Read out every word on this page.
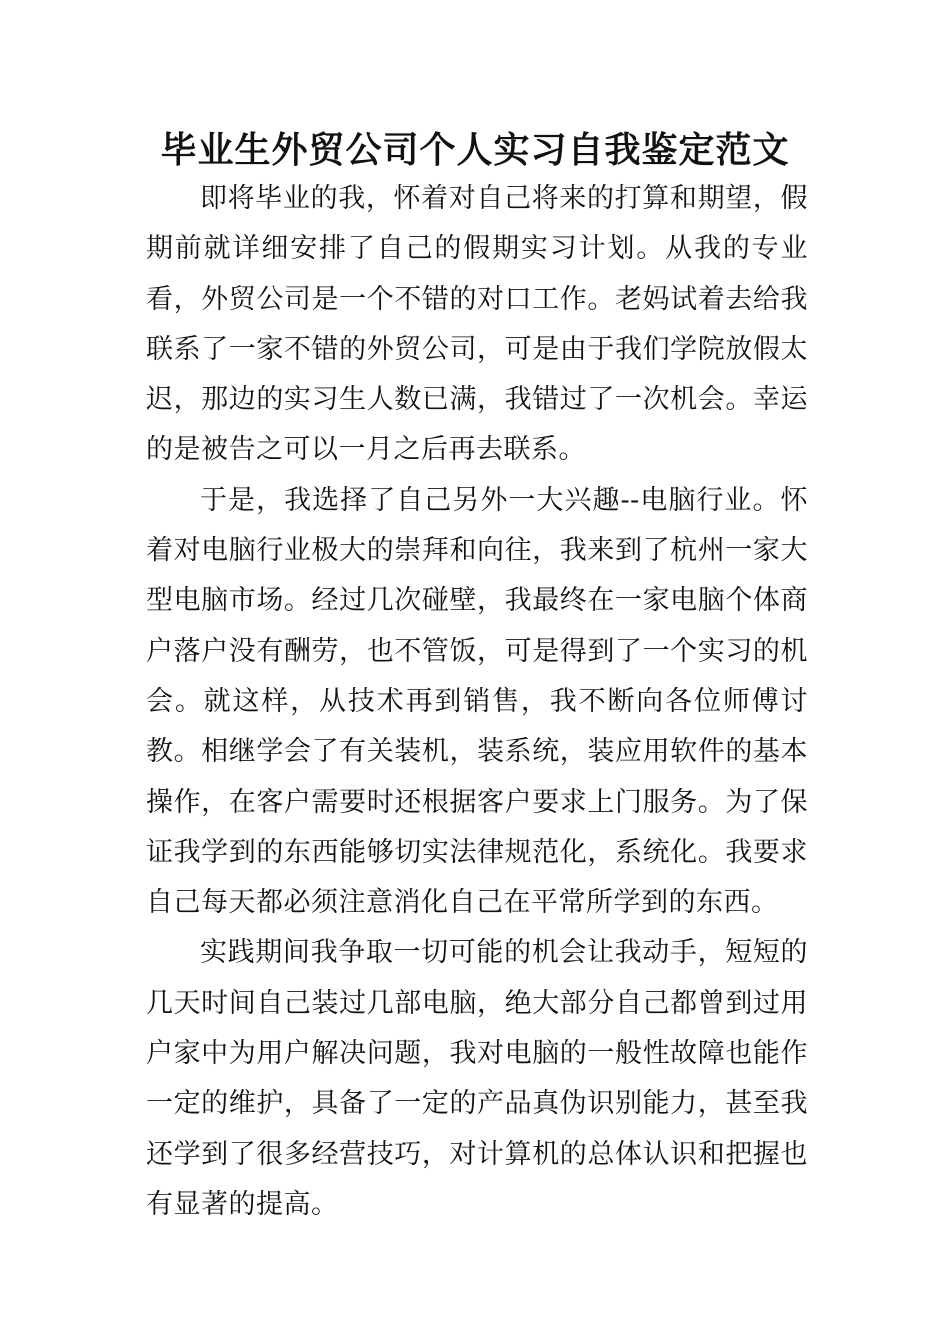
毕业生外贸公司个人实习自我鉴定范文

即将毕业的我，怀着对自己将来的打算和期望，假期前就详细安排了自己的假期实习计划。从我的专业看，外贸公司是一个不错的对口工作。老妈试着去给我联系了一家不错的外贸公司，可是由于我们学院放假太迟，那边的实习生人数已满，我错过了一次机会。幸运的是被告之可以一月之后再去联系。

于是，我选择了自己另外一大兴趣--电脑行业。怀着对电脑行业极大的崇拜和向往，我来到了杭州一家大型电脑市场。经过几次碰壁，我最终在一家电脑个体商户落户没有酬劳，也不管饭，可是得到了一个实习的机会。就这样，从技术再到销售，我不断向各位师傅讨教。相继学会了有关装机，装系统，装应用软件的基本操作，在客户需要时还根据客户要求上门服务。为了保证我学到的东西能够切实法律规范化，系统化。我要求自己每天都必须注意消化自己在平常所学到的东西。

实践期间我争取一切可能的机会让我动手，短短的几天时间自己装过几部电脑，绝大部分自己都曾到过用户家中为用户解决问题，我对电脑的一般性故障也能作一定的维护，具备了一定的产品真伪识别能力，甚至我还学到了很多经营技巧，对计算机的总体认识和把握也有显著的提高。
